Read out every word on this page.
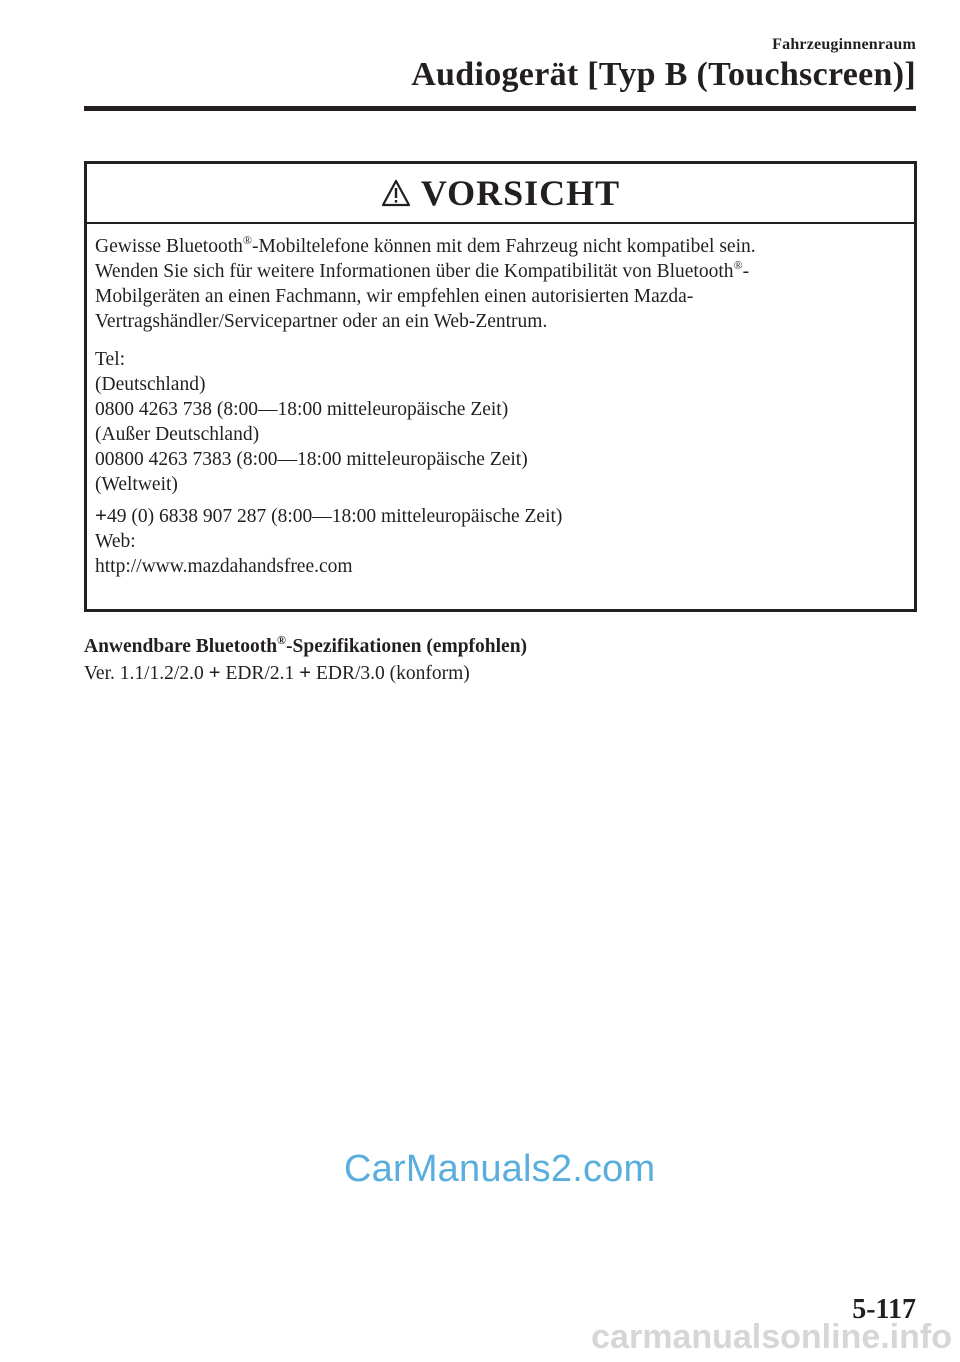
Fahrzeuginnenraum
Audiogerät [Typ B (Touchscreen)]
VORSICHT

Gewisse Bluetooth®-Mobiltelefone können mit dem Fahrzeug nicht kompatibel sein.

Wenden Sie sich für weitere Informationen über die Kompatibilität von Bluetooth®-

Mobilgeräten an einen Fachmann, wir empfehlen einen autorisierten Mazda-

Vertragshändler/Servicepartner oder an ein Web-Zentrum.

Tel:

(Deutschland)

0800 4263 738 (8:00—18:00 mitteleuropäische Zeit)

(Außer Deutschland)

00800 4263 7383 (8:00—18:00 mitteleuropäische Zeit)

(Weltweit)

+49 (0) 6838 907 287 (8:00—18:00 mitteleuropäische Zeit)

Web:

http://www.mazdahandsfree.com

Anwendbare Bluetooth®-Spezifikationen (empfohlen)
Ver. 1.1/1.2/2.0 + EDR/2.1 + EDR/3.0 (konform)
CarManuals2.com
5-117
carmanualsonline.info
